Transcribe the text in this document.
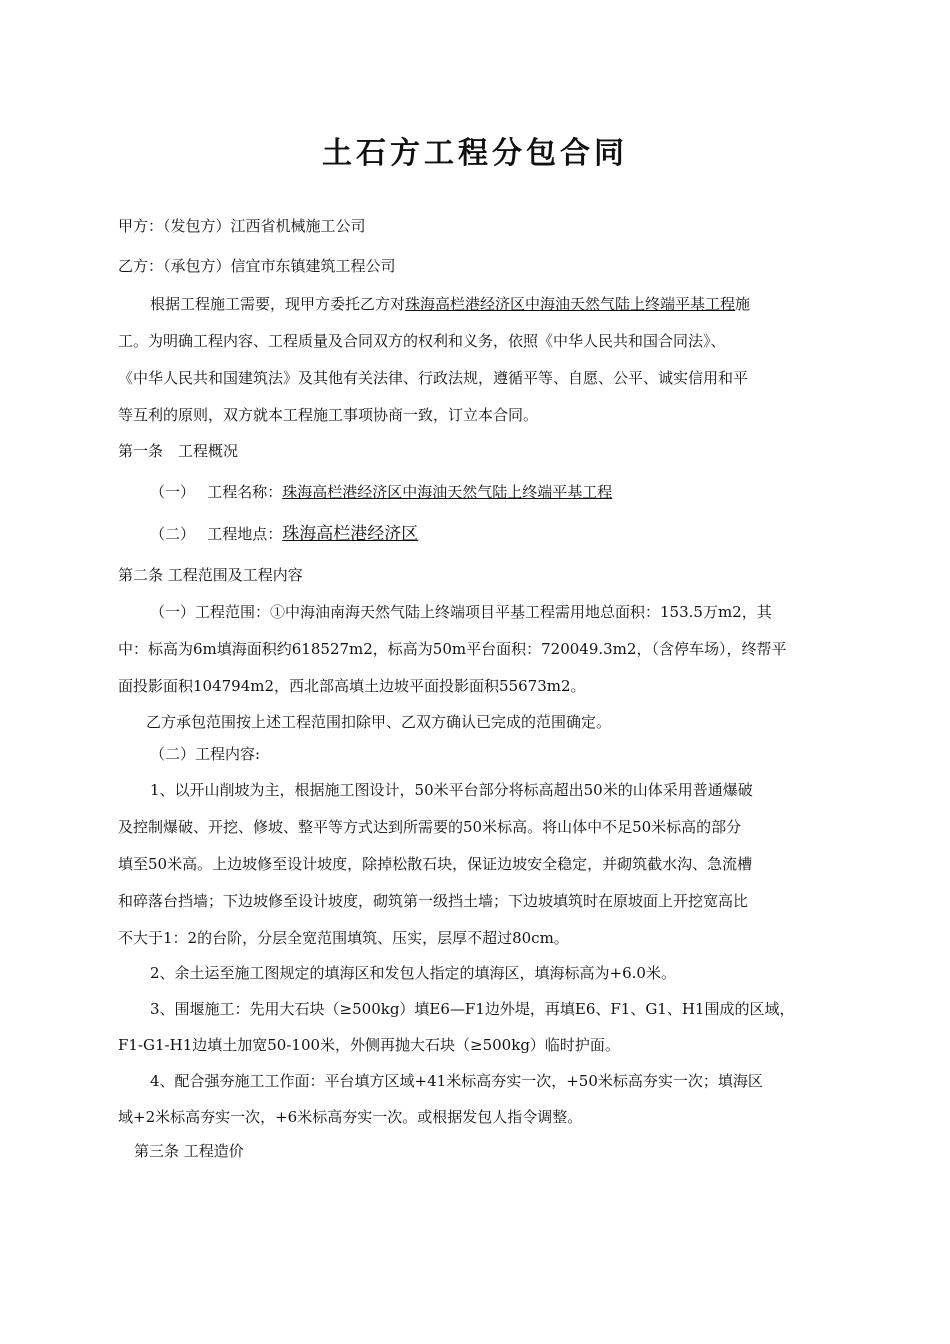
土石方工程分包合同
甲方：（发包方）江西省机械施工公司
乙方：（承包方）信宜市东镇建筑工程公司
根据工程施工需要，现甲方委托乙方对珠海高栏港经济区中海油天然气陆上终端平基工程施
工。为明确工程内容、工程质量及合同双方的权利和义务，依照《中华人民共和国合同法》、
《中华人民共和国建筑法》及其他有关法律、行政法规，遵循平等、自愿、公平、诚实信用和平
等互利的原则，双方就本工程施工事项协商一致，订立本合同。
第一条　工程概况
（一）　 工程名称：珠海高栏港经济区中海油天然气陆上终端平基工程
（二）　 工程地点：珠海高栏港经济区
第二条 工程范围及工程内容
（一）工程范围：①中海油南海天然气陆上终端项目平基工程需用地总面积：153.5万m2，其
中：标高为6m填海面积约618527m2，标高为50m平台面积：720049.3m2，（含停车场），终帮平
面投影面积104794m2，西北部高填土边坡平面投影面积55673m2。
乙方承包范围按上述工程范围扣除甲、乙双方确认已完成的范围确定。
（二）工程内容:
1、以开山削坡为主，根据施工图设计，50米平台部分将标高超出50米的山体采用普通爆破
及控制爆破、开挖、修坡、整平等方式达到所需要的50米标高。将山体中不足50米标高的部分
填至50米高。上边坡修至设计坡度，除掉松散石块，保证边坡安全稳定，并砌筑截水沟、急流槽
和碎落台挡墙；下边坡修至设计坡度，砌筑第一级挡土墙；下边坡填筑时在原坡面上开挖宽高比
不大于1：2的台阶，分层全宽范围填筑、压实，层厚不超过80cm。
2、余土运至施工图规定的填海区和发包人指定的填海区，填海标高为+6.0米。
3、围堰施工：先用大石块（≥500kg）填E6—F1边外堤，再填E6、F1、G1、H1围成的区域，
F1-G1-H1边填土加宽50-100米，外侧再抛大石块（≥500kg）临时护面。
4、配合强夯施工工作面：平台填方区域+41米标高夯实一次，+50米标高夯实一次；填海区
域+2米标高夯实一次，+6米标高夯实一次。或根据发包人指令调整。
第三条 工程造价
